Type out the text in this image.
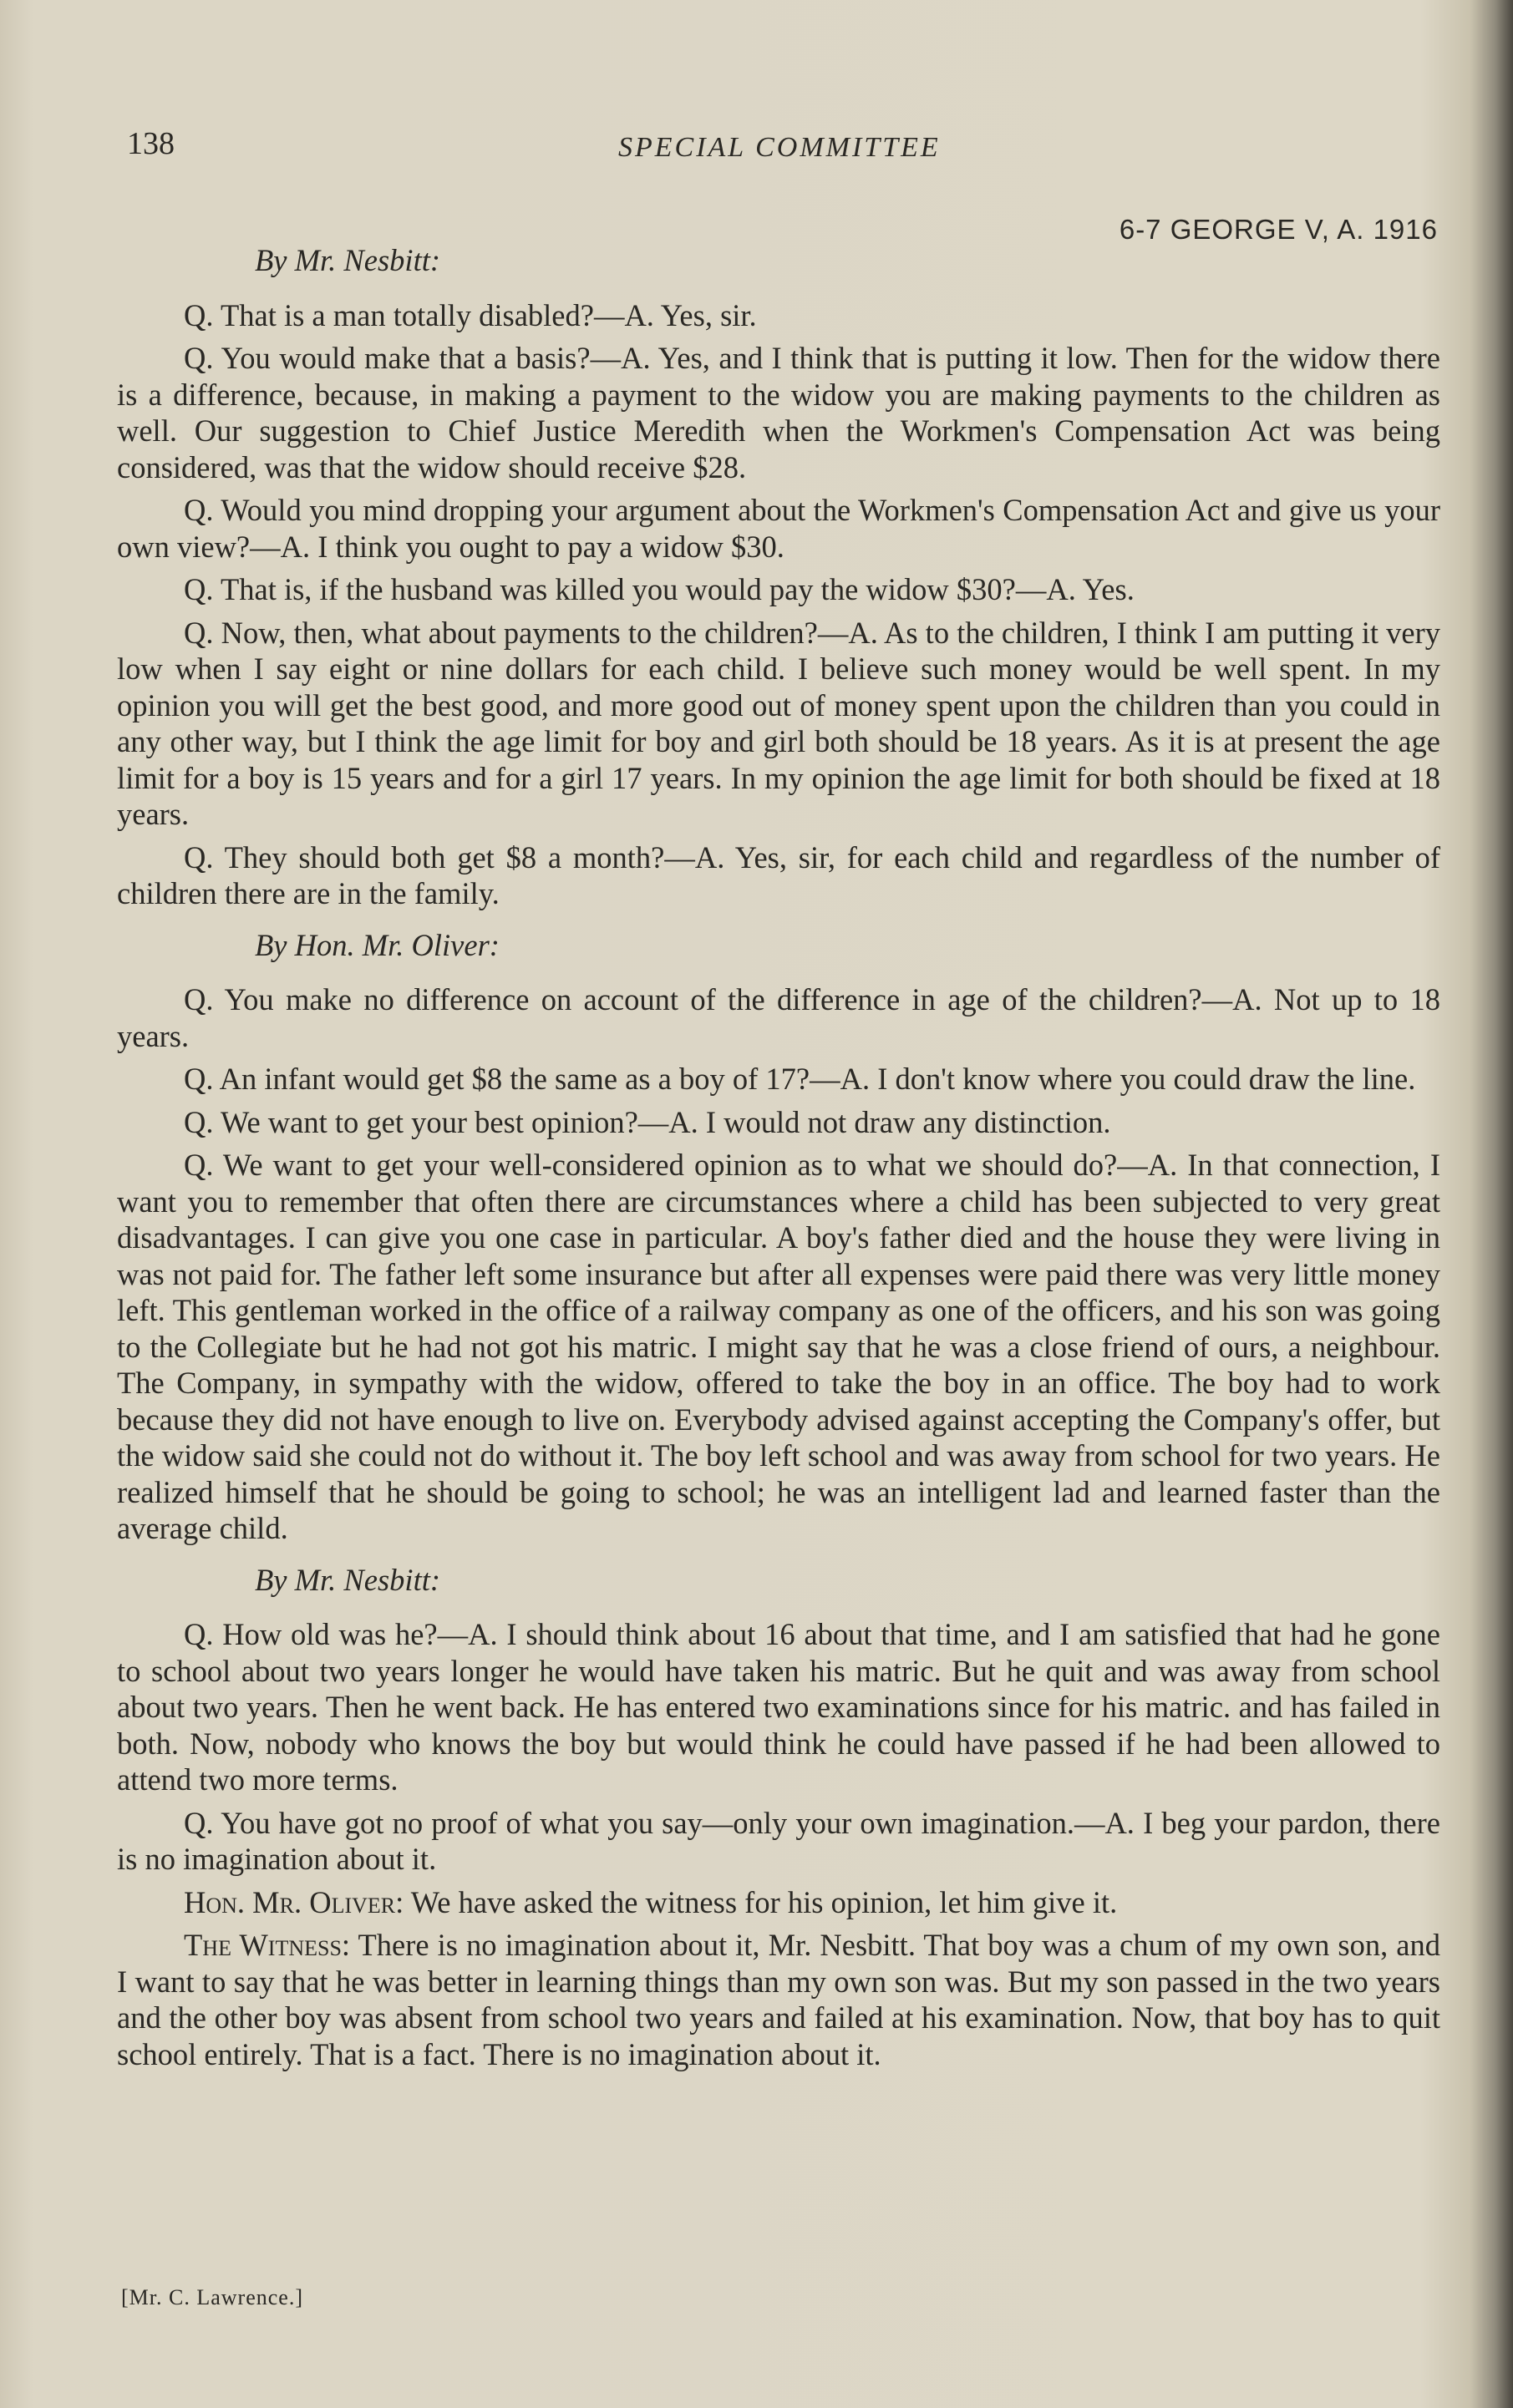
138	SPECIAL COMMITTEE
6-7 GEORGE V, A. 1916

By Mr. Nesbitt:

Q. That is a man totally disabled?—A. Yes, sir.

Q. You would make that a basis?—A. Yes, and I think that is putting it low. Then for the widow there is a difference, because, in making a payment to the widow you are making payments to the children as well. Our suggestion to Chief Justice Meredith when the Workmen's Compensation Act was being considered, was that the widow should receive $28.

Q. Would you mind dropping your argument about the Workmen's Compensation Act and give us your own view?—A. I think you ought to pay a widow $30.

Q. That is, if the husband was killed you would pay the widow $30?—A. Yes.

Q. Now, then, what about payments to the children?—A. As to the children, I think I am putting it very low when I say eight or nine dollars for each child. I believe such money would be well spent. In my opinion you will get the best good, and more good out of money spent upon the children than you could in any other way, but I think the age limit for boy and girl both should be 18 years. As it is at present the age limit for a boy is 15 years and for a girl 17 years. In my opinion the age limit for both should be fixed at 18 years.

Q. They should both get $8 a month?—A. Yes, sir, for each child and regardless of the number of children there are in the family.

By Hon. Mr. Oliver:

Q. You make no difference on account of the difference in age of the children?—A. Not up to 18 years.

Q. An infant would get $8 the same as a boy of 17?—A. I don't know where you could draw the line.

Q. We want to get your best opinion?—A. I would not draw any distinction.

Q. We want to get your well-considered opinion as to what we should do?—A. In that connection, I want you to remember that often there are circumstances where a child has been subjected to very great disadvantages. I can give you one case in particular. A boy's father died and the house they were living in was not paid for. The father left some insurance but after all expenses were paid there was very little money left. This gentleman worked in the office of a railway company as one of the officers, and his son was going to the Collegiate but he had not got his matric. I might say that he was a close friend of ours, a neighbour. The Company, in sympathy with the widow, offered to take the boy in an office. The boy had to work because they did not have enough to live on. Everybody advised against accepting the Company's offer, but the widow said she could not do without it. The boy left school and was away from school for two years. He realized himself that he should be going to school; he was an intelligent lad and learned faster than the average child.

By Mr. Nesbitt:

Q. How old was he?—A. I should think about 16 about that time, and I am satisfied that had he gone to school about two years longer he would have taken his matric. But he quit and was away from school about two years. Then he went back. He has entered two examinations since for his matric. and has failed in both. Now, nobody who knows the boy but would think he could have passed if he had been allowed to attend two more terms.

Q. You have got no proof of what you say—only your own imagination.—A. I beg your pardon, there is no imagination about it.

Hon. Mr. Oliver: We have asked the witness for his opinion, let him give it.

The Witness: There is no imagination about it, Mr. Nesbitt. That boy was a chum of my own son, and I want to say that he was better in learning things than my own son was. But my son passed in the two years and the other boy was absent from school two years and failed at his examination. Now, that boy has to quit school entirely. That is a fact. There is no imagination about it.

[Mr. C. Lawrence.]
